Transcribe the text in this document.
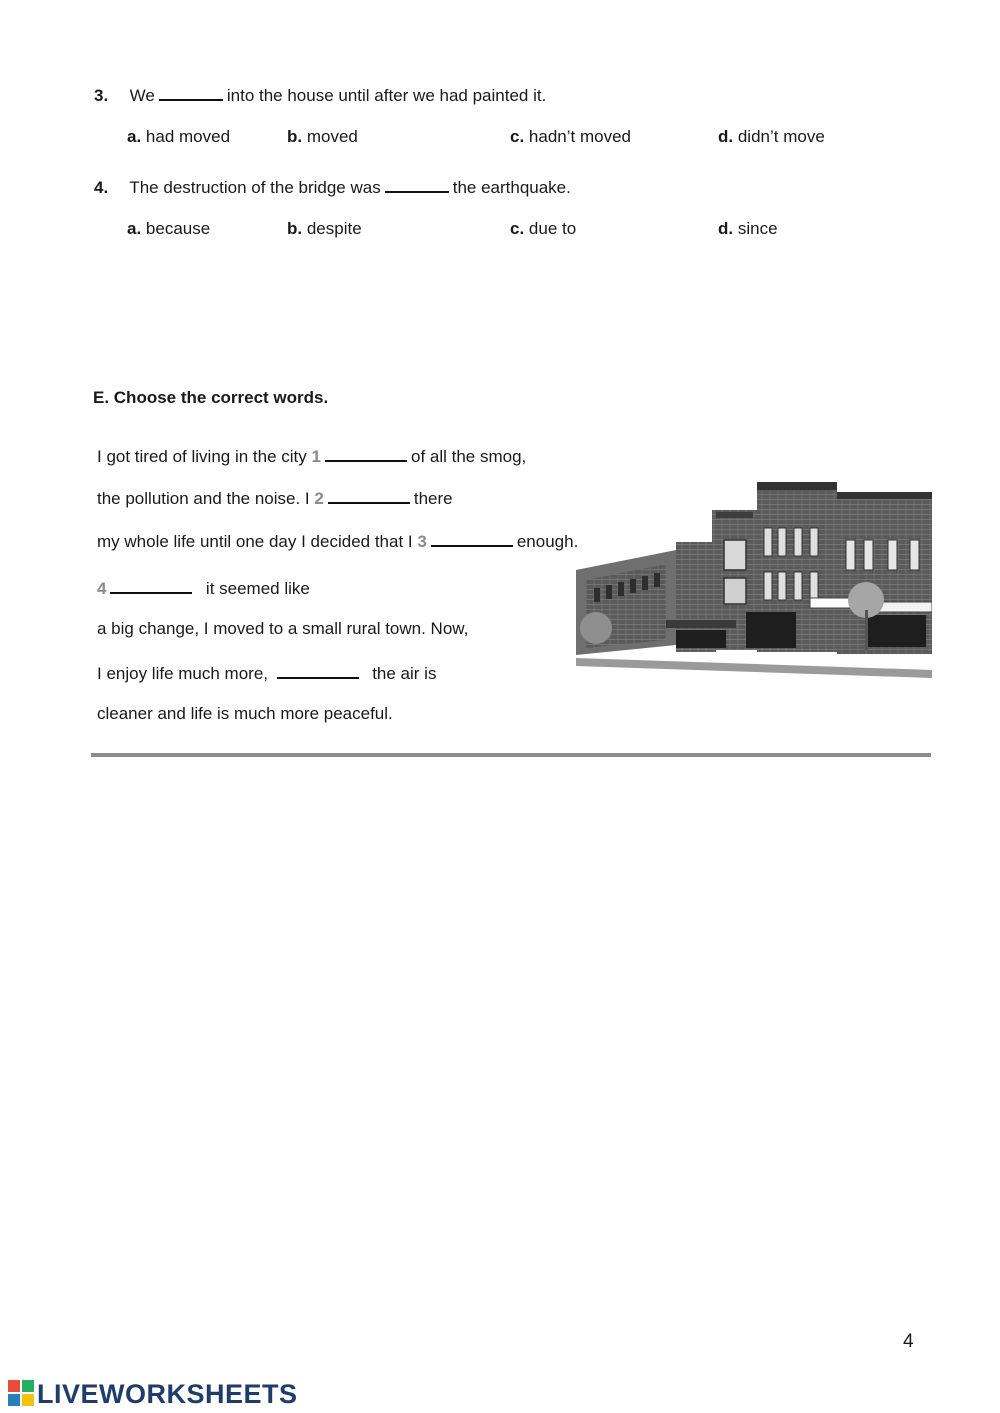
3. We	into the house until after we had painted it.
a. had moved	b. moved	c. hadn’t moved	d. didn’t move
4. The destruction of the bridge was	the earthquake.
a. because	b. despite	c. due to	d. since
E. Choose the correct words.
I got tired of living in the city 1	of all the smog,
the pollution and the noise. I 2	there
my whole life until one day I decided that I 3	enough.
4	it seemed like
a big change, I moved to a small rural town. Now,
I enjoy life much more,	the air is
cleaner and life is much more peaceful.
4
LIVEWORKSHEETS
